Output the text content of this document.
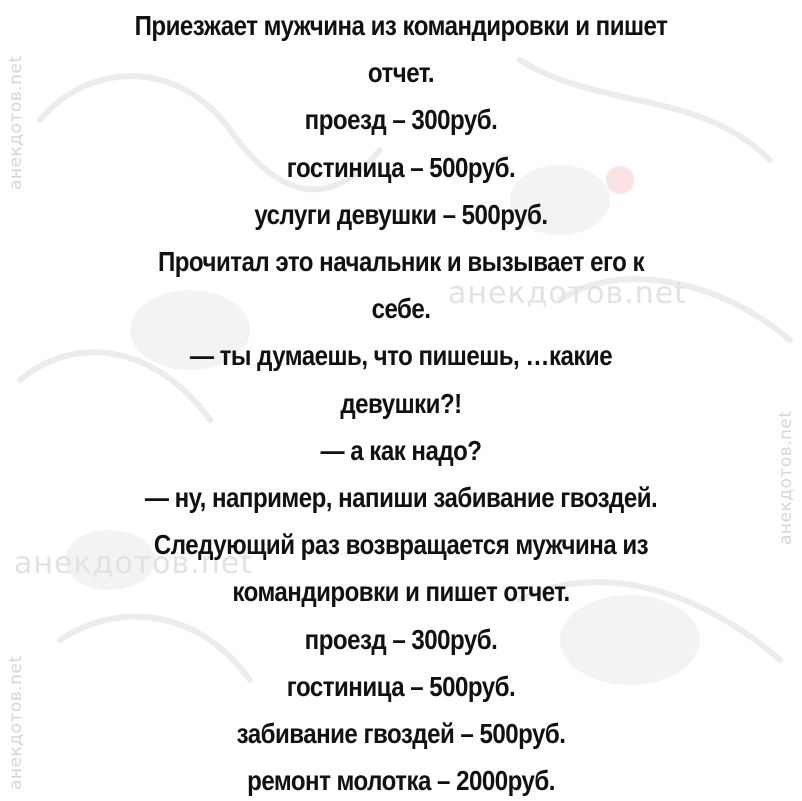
анекдотов.net
анекдотов.net
анекдотов.net
анекдотов.net
анекдотов.net
Приезжает мужчина из командировки и пишет
отчет.
проезд – 300руб.
гостиница – 500руб.
услуги девушки – 500руб.
Прочитал это начальник и вызывает его к
себе.
— ты думаешь, что пишешь, …какие
девушки?!
— а как надо?
— ну, например, напиши забивание гвоздей.
Следующий раз возвращается мужчина из
командировки и пишет отчет.
проезд – 300руб.
гостиница – 500руб.
забивание гвоздей – 500руб.
ремонт молотка – 2000руб.
